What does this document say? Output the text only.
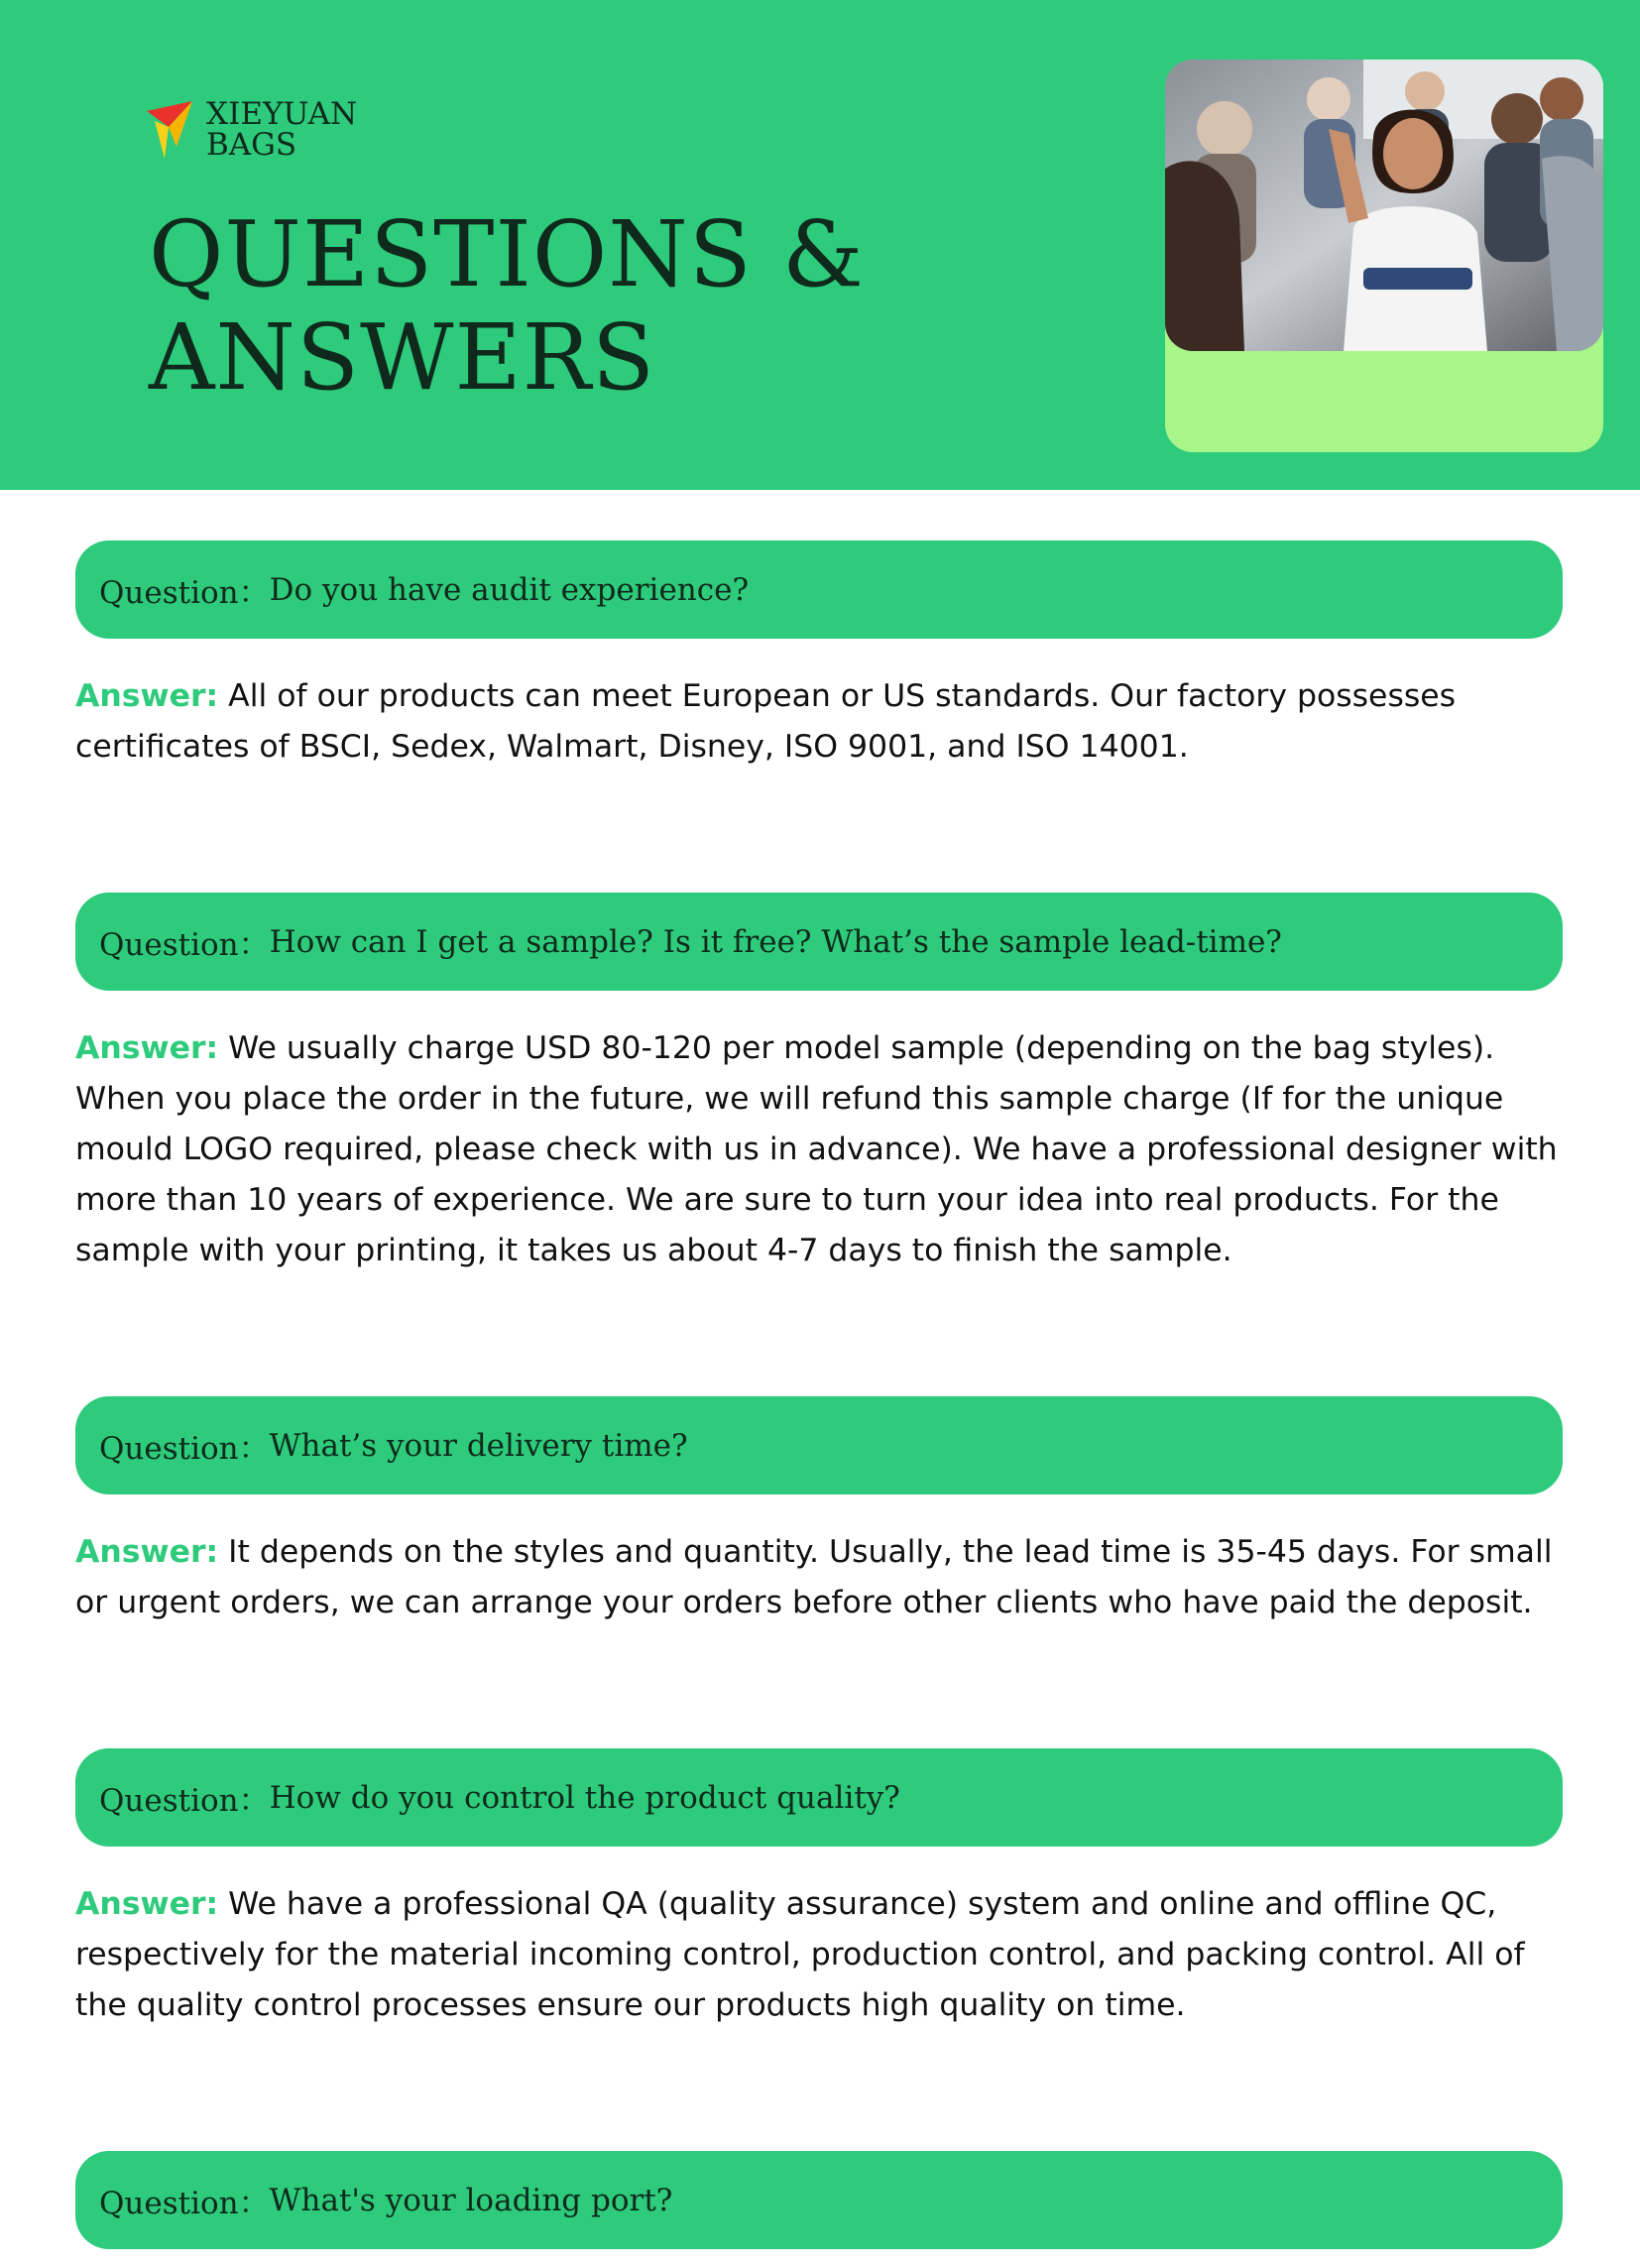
XIEYUAN
BAGS
QUESTIONS &
ANSWERS
Question： Do you have audit experience?
Answer: All of our products can meet European or US standards. Our factory possesses certificates of BSCI, Sedex, Walmart, Disney, ISO 9001, and ISO 14001.
Question： How can I get a sample? Is it free? What’s the sample lead-time?
Answer: We usually charge USD 80-120 per model sample (depending on the bag styles). When you place the order in the future, we will refund this sample charge (If for the unique mould LOGO required, please check with us in advance). We have a professional designer with more than 10 years of experience. We are sure to turn your idea into real products. For the sample with your printing, it takes us about 4-7 days to finish the sample.
Question： What’s your delivery time?
Answer: It depends on the styles and quantity. Usually, the lead time is 35-45 days. For small or urgent orders, we can arrange your orders before other clients who have paid the deposit.
Question： How do you control the product quality?
Answer: We have a professional QA (quality assurance) system and online and offline QC, respectively for the material incoming control, production control, and packing control. All of the quality control processes ensure our products high quality on time.
Question： What's your loading port?
